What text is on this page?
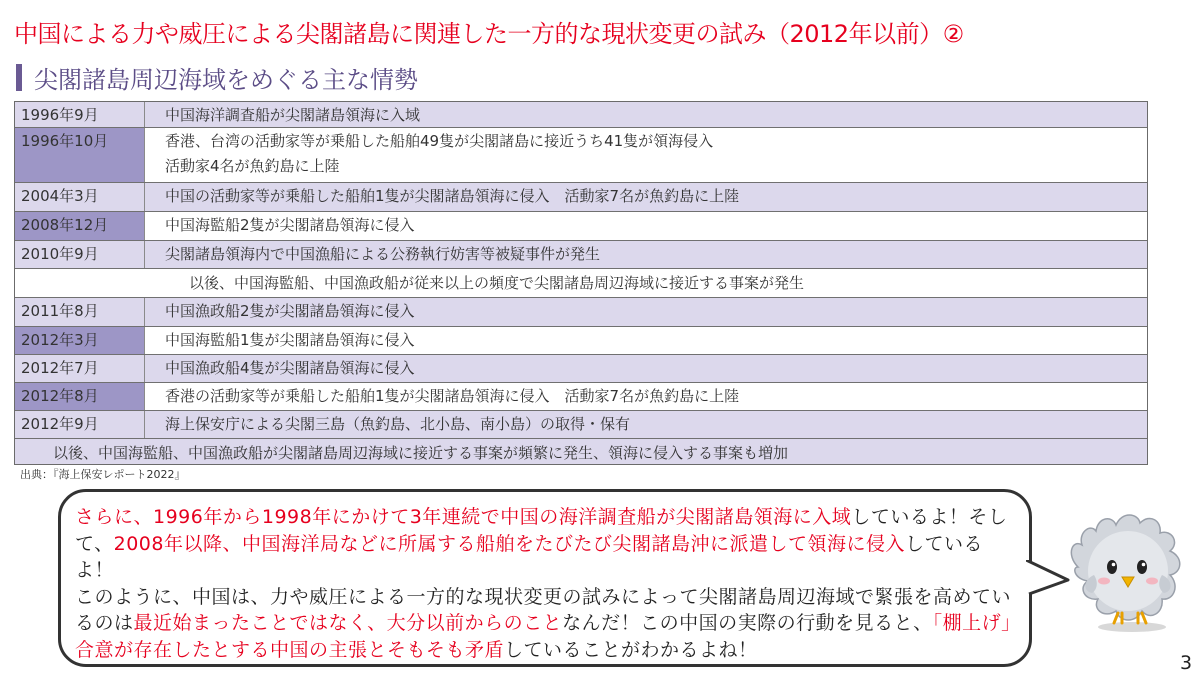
中国による力や威圧による尖閣諸島に関連した一方的な現状変更の試み（2012年以前）②
尖閣諸島周辺海域をめぐる主な情勢
1996年9月	中国海洋調査船が尖閣諸島領海に入域
1996年10月	香港、台湾の活動家等が乗船した船舶49隻が尖閣諸島に接近うち41隻が領海侵入
活動家4名が魚釣島に上陸
2004年3月	中国の活動家等が乗船した船舶1隻が尖閣諸島領海に侵入　活動家7名が魚釣島に上陸
2008年12月	中国海監船2隻が尖閣諸島領海に侵入
2010年9月	尖閣諸島領海内で中国漁船による公務執行妨害等被疑事件が発生
以後、中国海監船、中国漁政船が従来以上の頻度で尖閣諸島周辺海域に接近する事案が発生
2011年8月	中国漁政船2隻が尖閣諸島領海に侵入
2012年3月	中国海監船1隻が尖閣諸島領海に侵入
2012年7月	中国漁政船4隻が尖閣諸島領海に侵入
2012年8月	香港の活動家等が乗船した船舶1隻が尖閣諸島領海に侵入　活動家7名が魚釣島に上陸
2012年9月	海上保安庁による尖閣三島（魚釣島、北小島、南小島）の取得・保有
以後、中国海監船、中国漁政船が尖閣諸島周辺海域に接近する事案が頻繁に発生、領海に侵入する事案も増加
出典：『海上保安レポート2022』
さらに、1996年から1998年にかけて3年連続で中国の海洋調査船が尖閣諸島領海に入域しているよ！そして、2008年以降、中国海洋局などに所属する船舶をたびたび尖閣諸島沖に派遣して領海に侵入しているよ！
このように、中国は、力や威圧による一方的な現状変更の試みによって尖閣諸島周辺海域で緊張を高めているのは最近始まったことではなく、大分以前からのことなんだ！この中国の実際の行動を見ると、「棚上げ」合意が存在したとする中国の主張とそもそも矛盾していることがわかるよね！
3
